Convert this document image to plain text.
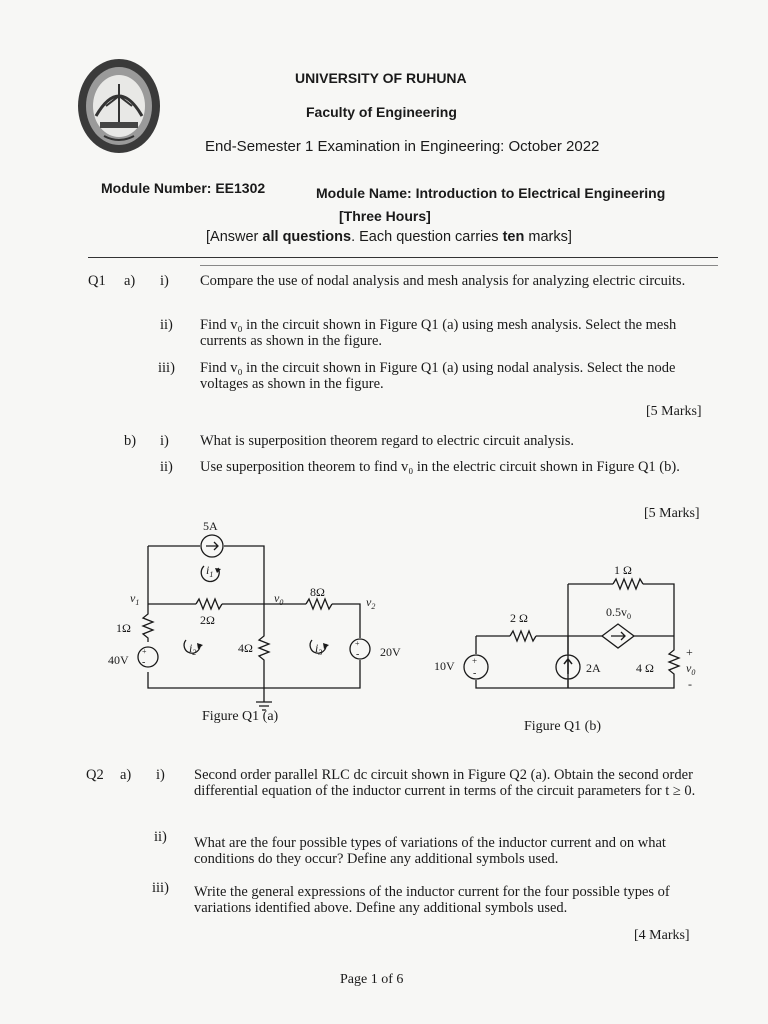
UNIVERSITY OF RUHUNA
Faculty of Engineering
End-Semester 1 Examination in Engineering: October 2022
Module Number: EE1302	Module Name: Introduction to Electrical Engineering
[Three Hours]
[Answer all questions. Each question carries ten marks]
Q1 a) i) Compare the use of nodal analysis and mesh analysis for analyzing electric circuits.
ii) Find v₀ in the circuit shown in Figure Q1 (a) using mesh analysis. Select the mesh currents as shown in the figure.
iii) Find v₀ in the circuit shown in Figure Q1 (a) using nodal analysis. Select the node voltages as shown in the figure.
[5 Marks]
b) i) What is superposition theorem regard to electric circuit analysis.
ii) Use superposition theorem to find v₀ in the electric circuit shown in Figure Q1 (b).
[5 Marks]
+
-
+
-
5A
$i_1$
$v_1$	$v_0$
8Ω
$v_2$
1Ω
2Ω
$i_2$	4Ω	$i_3$
40V
20V
Figure Q1 (a)
+
-
1 Ω
2 Ω	$0.5v_0$
10V	2A	4 Ω
+
$v_0$
-
Figure Q1 (b)
Q2 a) i) Second order parallel RLC dc circuit shown in Figure Q2 (a). Obtain the second order differential equation of the inductor current in terms of the circuit parameters for t ≥ 0.
ii) What are the four possible types of variations of the inductor current and on what conditions do they occur? Define any additional symbols used.
iii) Write the general expressions of the inductor current for the four possible types of variations identified above. Define any additional symbols used.
[4 Marks]
Page 1 of 6
